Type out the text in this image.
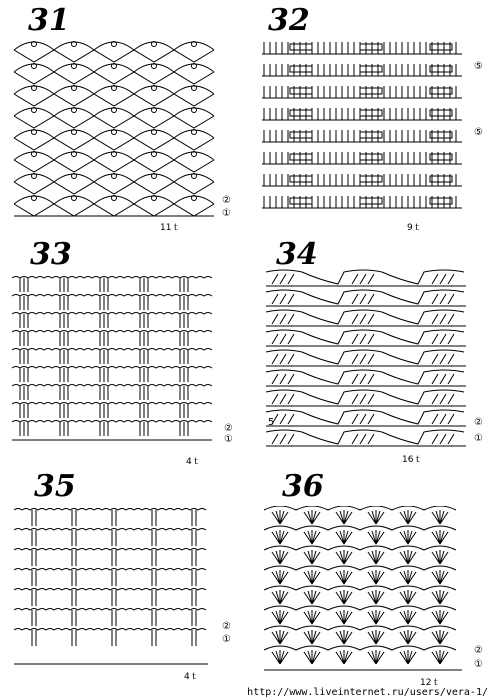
31
11ｔ
②
①
32
9ｔ
⑤
⑤
33
4ｔ
②
①
34
16ｔ
5	②
①
35
4ｔ
②
①
36
12ｔ
②
①
http://www.liveinternet.ru/users/vera-1/
